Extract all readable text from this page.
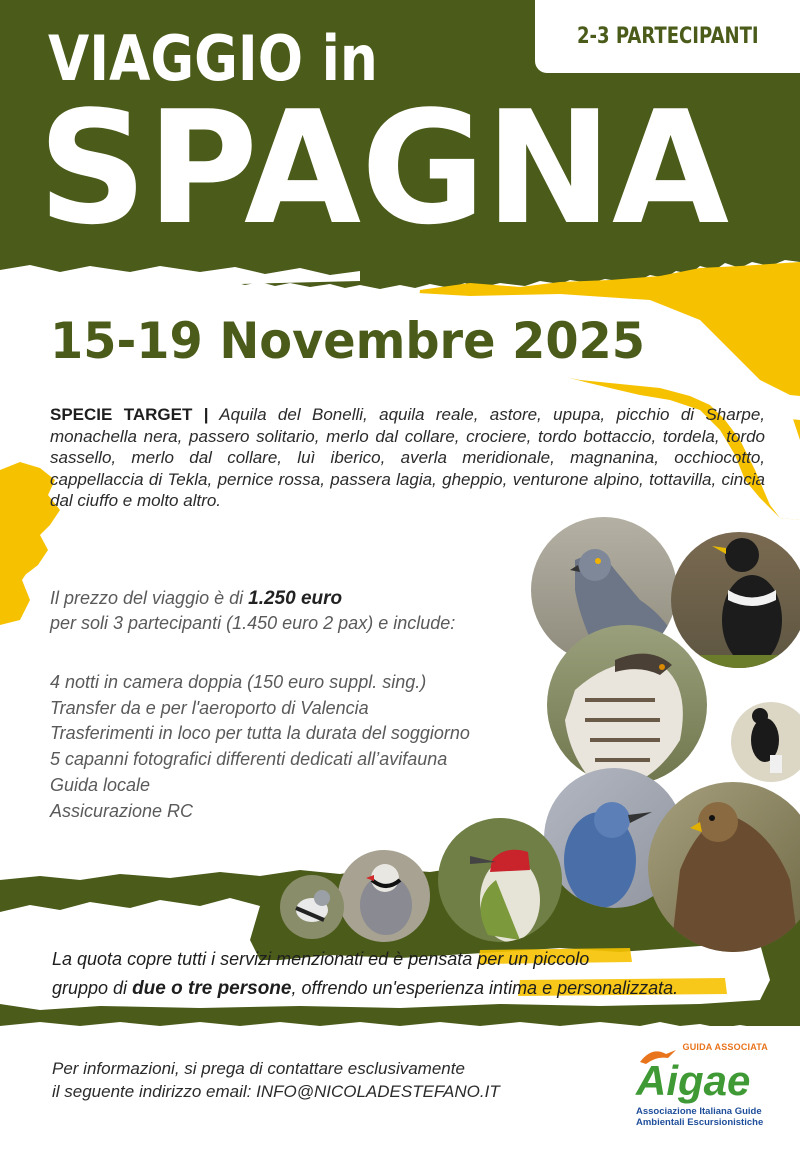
2-3 PARTECIPANTI
VIAGGIO in
SPAGNA
15-19 Novembre 2025
SPECIE TARGET | Aquila del Bonelli, aquila reale, astore, upupa, picchio di Sharpe, monachella nera, passero solitario, merlo dal collare, crociere, tordo bottaccio, tordela, tordo sassello, merlo dal collare, luì iberico, averla meridionale, magnanina, occhiocotto, cappellaccia di Tekla, pernice rossa, passera lagia, gheppio, venturone alpino, tottavilla, cincia dal ciuffo e molto altro.
Il prezzo del viaggio è di 1.250 euro
per soli 3 partecipanti (1.450 euro 2 pax) e include:
4 notti in camera doppia (150 euro suppl. sing.)
Transfer da e per l'aeroporto di Valencia
Trasferimenti in loco per tutta la durata del soggiorno
5 capanni fotografici differenti dedicati all’avifauna
Guida locale
Assicurazione RC
La quota copre tutti i servizi menzionati ed è pensata per un piccolo
gruppo di due o tre persone, offrendo un'esperienza intima e personalizzata.
Per informazioni, si prega di contattare esclusivamente
il seguente indirizzo email: INFO@NICOLADESTEFANO.IT
GUIDA ASSOCIATA
Aigae
Associazione Italiana Guide
Ambientali Escursionistiche
